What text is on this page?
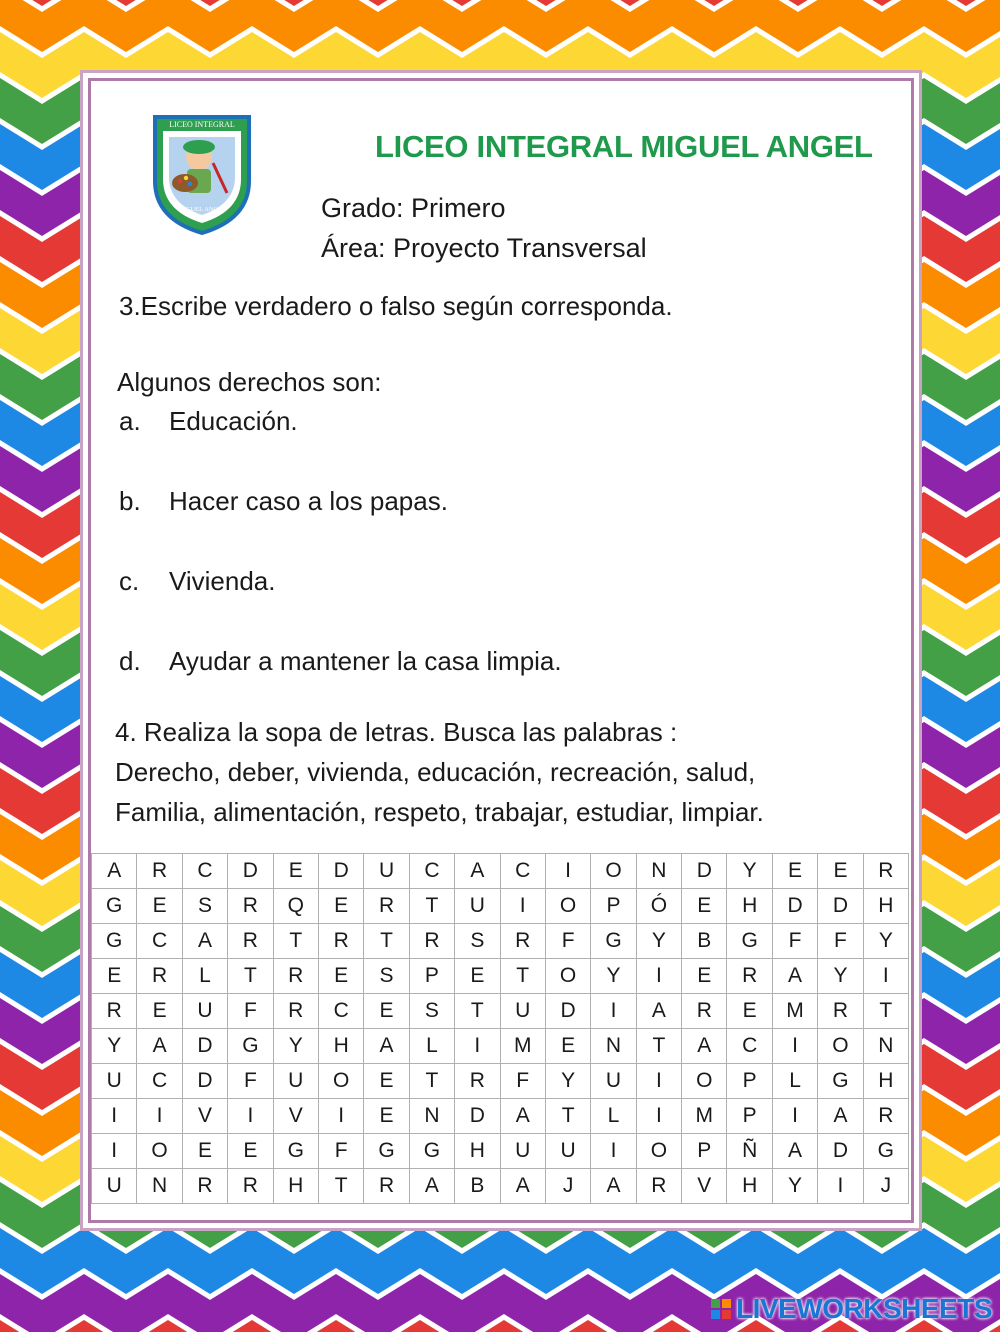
LICEO INTEGRAL
MIGUEL ANGEL
LICEO INTEGRAL MIGUEL ANGEL
Grado: Primero
Área: Proyecto Transversal
3.Escribe verdadero o falso según corresponda.
Algunos derechos son:
a. Educación.
b. Hacer caso a los papas.
c. Vivienda.
d. Ayudar a mantener la casa limpia.
4. Realiza la sopa de letras. Busca las palabras :
Derecho, deber, vivienda, educación, recreación, salud,
Familia, alimentación, respeto, trabajar, estudiar, limpiar.
A	R	C	D	E	D	U	C	A	C	I	O	N	D	Y	E	E	R
G	E	S	R	Q	E	R	T	U	I	O	P	Ó	E	H	D	D	H
G	C	A	R	T	R	T	R	S	R	F	G	Y	B	G	F	F	Y
E	R	L	T	R	E	S	P	E	T	O	Y	I	E	R	A	Y	I
R	E	U	F	R	C	E	S	T	U	D	I	A	R	E	M	R	T
Y	A	D	G	Y	H	A	L	I	M	E	N	T	A	C	I	O	N
U	C	D	F	U	O	E	T	R	F	Y	U	I	O	P	L	G	H
I	I	V	I	V	I	E	N	D	A	T	L	I	M	P	I	A	R
I	O	E	E	G	F	G	G	H	U	U	I	O	P	Ñ	A	D	G
U	N	R	R	H	T	R	A	B	A	J	A	R	V	H	Y	I	J
LIVEWORKSHEETS
